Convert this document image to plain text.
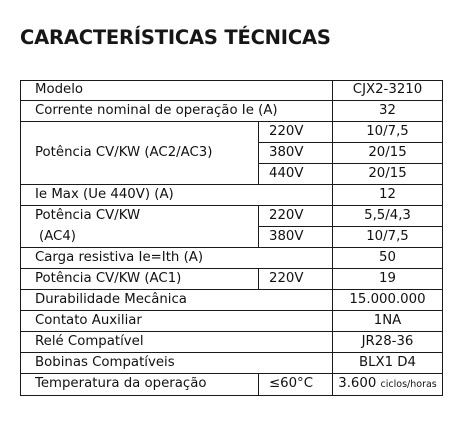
CARACTERÍSTICAS TÉCNICAS
Modelo		CJX2-3210
Corrente nominal de operação Ie (A)		32
Potência CV/KW (AC2/AC3)	220V	10/7,5
	380V	20/15
	440V	20/15
Ie Max (Ue 440V) (A)		12
Potência CV/KW	220V	5,5/4,3
(AC4)	380V	10/7,5
Carga resistiva Ie=Ith (A)		50
Potência CV/KW (AC1)	220V	19
Durabilidade Mecânica		15.000.000
Contato Auxiliar		1NA
Relé Compatível		JR28-36
Bobinas Compatíveis		BLX1 D4
Temperatura da operação	≤60°C	3.600 ciclos/horas
